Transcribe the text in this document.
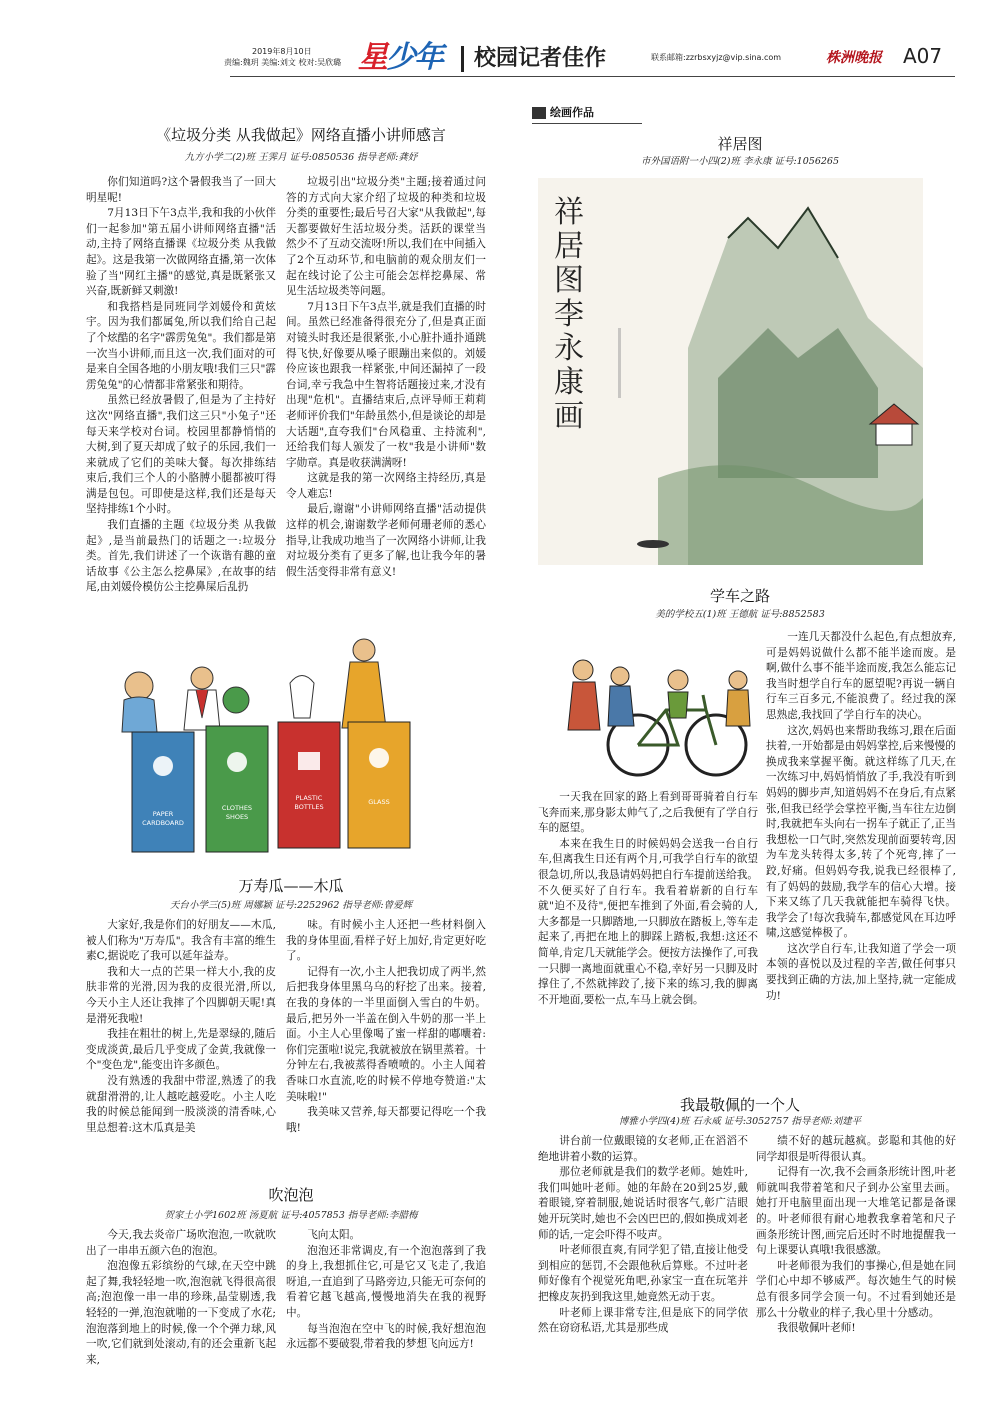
2019年8月10日
责编:魏玥 美编:刘文 校对:吴欣璐 星少年 校园记者佳作	联系邮箱:zzrbsxyjz@vip.sina.com	株洲晚报 A07
《垃圾分类 从我做起》网络直播小讲师感言
九方小学二(2)班 王霁月 证号:0850536 指导老师:龚妤

你们知道吗?这个暑假我当了一回大明星呢!

7月13日下午3点半,我和我的小伙伴们一起参加"第五届小讲师网络直播"活动,主持了网络直播课《垃圾分类 从我做起》。这是我第一次做网络直播,第一次体验了当"网红主播"的感觉,真是既紧张又兴奋,既新鲜又刺激!

和我搭档是同班同学刘媛伶和黄炫宇。因为我们都属兔,所以我们给自己起了个炫酷的名字"霹雳兔兔"。我们都是第一次当小讲师,而且这一次,我们面对的可是来自全国各地的小朋友哦!我们三只"霹雳兔兔"的心情都非常紧张和期待。

虽然已经放暑假了,但是为了主持好这次"网络直播",我们这三只"小兔子"还每天来学校对台词。校园里都静悄悄的大树,到了夏天却成了蚊子的乐园,我们一来就成了它们的美味大餐。每次排练结束后,我们三个人的小胳膊小腿都被叮得满是包包。可即使是这样,我们还是每天坚持排练1个小时。

我们直播的主题《垃圾分类 从我做起》,是当前最热门的话题之一:垃圾分类。首先,我们讲述了一个诙谐有趣的童话故事《公主怎么挖鼻屎》,在故事的结尾,由刘媛伶模仿公主挖鼻屎后乱扔

垃圾引出"垃圾分类"主题;接着通过问答的方式向大家介绍了垃圾的种类和垃圾分类的重要性;最后号召大家"从我做起",每天都要做好生活垃圾分类。活跃的课堂当然少不了互动交流呀!所以,我们在中间插入了2个互动环节,和电脑前的观众朋友们一起在线讨论了公主可能会怎样挖鼻屎、常见生活垃圾类等问题。

7月13日下午3点半,就是我们直播的时间。虽然已经准备得很充分了,但是真正面对镜头时我还是很紧张,小心脏扑通扑通跳得飞快,好像要从嗓子眼蹦出来似的。刘媛伶应该也跟我一样紧张,中间还漏掉了一段台词,幸亏我急中生智将话题接过来,才没有出现"危机"。直播结束后,点评导师王莉莉老师评价我们"年龄虽然小,但是谈论的却是大话题",直夸我们"台风稳重、主持流利",还给我们每人颁发了一枚"我是小讲师"数字勋章。真是收获满满呀!

这就是我的第一次网络主持经历,真是令人难忘!

最后,谢谢"小讲师网络直播"活动提供这样的机会,谢谢数学老师何珊老师的悉心指导,让我成功地当了一次网络小讲师,让我对垃圾分类有了更多了解,也让我今年的暑假生活变得非常有意义!

PAPER
CARDBOARD
CLOTHES
SHOES
PLASTIC
BOTTLES
GLASS
万寿瓜——木瓜
天台小学三(5)班 周娜颖 证号:2252962 指导老师:曾爱辉

大家好,我是你们的好朋友——木瓜,被人们称为"万寿瓜"。我含有丰富的维生素C,据说吃了我可以延年益寿。

我和大一点的芒果一样大小,我的皮肤非常的光滑,因为我的皮很光滑,所以,今天小主人还让我摔了个四脚朝天呢!真是滑死我啦!

我挂在粗壮的树上,先是翠绿的,随后变成淡黄,最后几乎变成了金黄,我就像一个"变色龙",能变出许多颜色。

没有熟透的我甜中带涩,熟透了的我就甜滑滑的,让人越吃越爱吃。小主人吃我的时候总能闻到一股淡淡的清香味,心里总想着:这木瓜真是美

味。有时候小主人还把一些材料倒入我的身体里面,看样子好上加好,肯定更好吃了。

记得有一次,小主人把我切成了两半,然后把我身体里黑乌乌的籽挖了出来。接着,在我的身体的一半里面倒入雪白的牛奶。最后,把另外一半盖在倒入牛奶的那一半上面。小主人心里像喝了蜜一样甜的嘟囔着:你们完蛋啦!说完,我就被放在锅里蒸着。十分钟左右,我被蒸得香喷喷的。小主人闻着香味口水直流,吃的时候不停地夸赞道:"太美味啦!"

我美味又营养,每天都要记得吃一个我哦!

吹泡泡
贺家土小学1602班 汤夏航 证号:4057853 指导老师:李腊梅

今天,我去炎帝广场吹泡泡,一吹就吹出了一串串五颜六色的泡泡。

泡泡像五彩缤纷的气球,在天空中跳起了舞,我轻轻地一吹,泡泡就飞得很高很高;泡泡像一串一串的珍珠,晶莹剔透,我轻轻的一弹,泡泡就啪的一下变成了水花;泡泡落到地上的时候,像一个个弹力球,风一吹,它们就到处滚动,有的还会重新飞起来,

飞向太阳。

泡泡还非常调皮,有一个泡泡落到了我的身上,我想抓住它,可是它又飞走了,我追呀追,一直追到了马路旁边,只能无可奈何的看着它越飞越高,慢慢地消失在我的视野中。

每当泡泡在空中飞的时候,我好想泡泡永远都不要破裂,带着我的梦想飞向远方!

绘画作品
祥居图
市外国语附一小四(2)班 李永康 证号:1056265
祥居图李永康画
学车之路
美的学校五(1)班 王德航 证号:8852583

一天我在回家的路上看到哥哥骑着自行车飞奔而来,那身影太帅气了,之后我便有了学自行车的愿望。

本来在我生日的时候妈妈会送我一台自行车,但离我生日还有两个月,可我学自行车的欲望很急切,所以,我恳请妈妈把自行车提前送给我。不久便买好了自行车。我看着崭新的自行车就"迫不及待",便把车推到了外面,看会骑的人,大多都是一只脚踏地,一只脚放在踏板上,等车走起来了,再把在地上的脚踩上踏板,我想:这还不简单,肯定几天就能学会。便按方法操作了,可我一只脚一离地面就重心不稳,幸好另一只脚及时撑住了,不然就摔跤了,接下来的练习,我的脚离不开地面,要松一点,车马上就会倒。

一连几天都没什么起色,有点想放弃,可是妈妈说做什么都不能半途而废。是啊,做什么事不能半途而废,我怎么能忘记我当时想学自行车的愿望呢?再说一辆自行车三百多元,不能浪费了。经过我的深思熟虑,我找回了学自行车的决心。

这次,妈妈也来帮助我练习,跟在后面扶着,一开始都是由妈妈掌控,后来慢慢的换成我来掌握平衡。就这样练了几天,在一次练习中,妈妈悄悄放了手,我没有听到妈妈的脚步声,知道妈妈不在身后,有点紧张,但我已经学会掌控平衡,当车往左边倒时,我就把车头向右一拐车子就正了,正当我想松一口气时,突然发现前面要转弯,因为车龙头转得太多,转了个死弯,摔了一跤,好痛。但妈妈夸我,说我已经很棒了,有了妈妈的鼓励,我学车的信心大增。接下来又练了几天我就能把车骑得飞快。我学会了!每次我骑车,都感觉风在耳边呼啸,这感觉棒极了。

这次学自行车,让我知道了学会一项本领的喜悦以及过程的辛苦,做任何事只要找到正确的方法,加上坚持,就一定能成功!

我最敬佩的一个人
博雅小学四(4)班 石永威 证号:3052757 指导老师:刘建平

讲台前一位戴眼镜的女老师,正在滔滔不绝地讲着小数的运算。

那位老师就是我们的数学老师。她姓叶,我们叫她叶老师。她的年龄在20到25岁,戴着眼镜,穿着制服,她说话时很客气,彰广洁眼她开玩笑时,她也不会凶巴巴的,假如换成刘老师的话,一定会吓得不吱声。

叶老师很直爽,有同学犯了错,直接让他受到相应的惩罚,不会跟他秋后算账。不过叶老师好像有个视觉死角吧,孙家宝一直在玩笔并把橡皮灰扔到我这里,她竟然无动于衷。

叶老师上课非常专注,但是底下的同学依然在窃窃私语,尤其是那些成

绩不好的越玩越疯。彭聪和其他的好同学却很是听得很认真。

记得有一次,我不会画条形统计图,叶老师就叫我带着笔和尺子到办公室里去画。她打开电脑里面出现一大堆笔记都是备课的。叶老师很有耐心地教我拿着笔和尺子画条形统计图,画完后还时不时地提醒我一句上课要认真哦!我很感激。

叶老师很为我们的事操心,但是她在同学们心中却不够威严。每次她生气的时候总有很多同学会顶一句。不过看到她还是那么十分敬业的样子,我心里十分感动。

我很敬佩叶老师!
